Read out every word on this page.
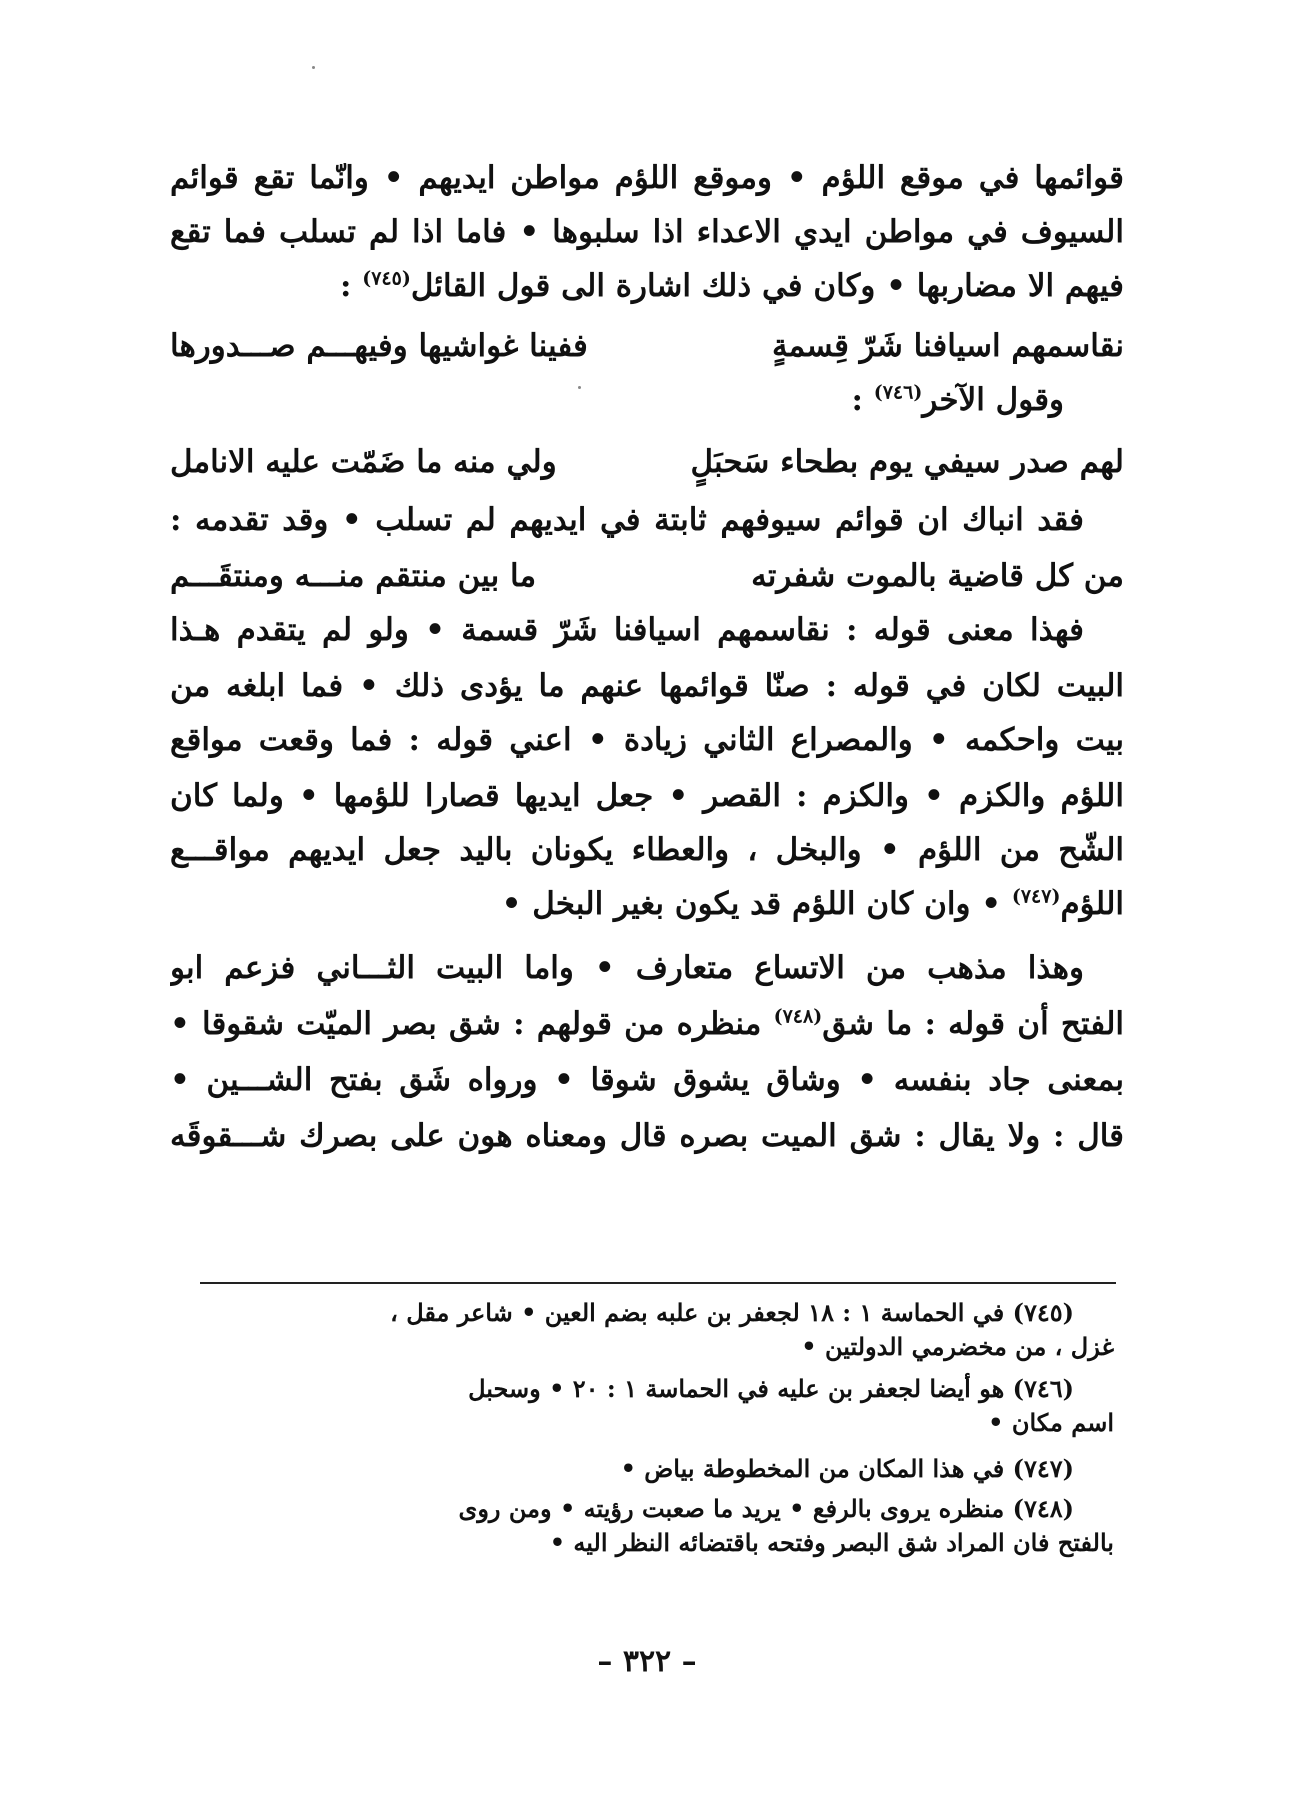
قوائمها في موقع اللؤم • وموقع اللؤم مواطن ايديهم • وانّما تقع قوائم
السيوف في مواطن ايدي الاعداء اذا سلبوها • فاما اذا لم تسلب فما تقع
فيهم الا مضاربها • وكان في ذلك اشارة الى قول القائل$^{(٧٤٥)}$ :
نقاسمهم اسيافنا شَرّ قِسمةٍ
ففينا غواشيها وفيهـــم صـــدورها
وقول الآخر$^{(٧٤٦)}$ :
لهم صدر سيفي يوم بطحاء سَحبَلٍ
ولي منه ما ضَمّت عليه الانامل
فقد انباك ان قوائم سيوفهم ثابتة في ايديهم لم تسلب • وقد تقدمه :
من كل قاضية بالموت شفرته
ما بين منتقم منـــه ومنتقَـــم
فهذا معنى قوله : نقاسمهم اسيافنا شَرّ قسمة • ولو لم يتقدم هـذا
البيت لكان في قوله : صنّا قوائمها عنهم ما يؤدى ذلك • فما ابلغه من
بيت واحكمه • والمصراع الثاني زيادة • اعني قوله : فما وقعت مواقع
اللؤم والكزم • والكزم : القصر • جعل ايديها قصارا للؤمها • ولما كان
الشّح من اللؤم • والبخل ، والعطاء يكونان باليد جعل ايديهم مواقـــع
اللؤم$^{(٧٤٧)}$ • وان كان اللؤم قد يكون بغير البخل •
وهذا مذهب من الاتساع متعارف • واما البيت الثـــاني فزعم ابو
الفتح أن قوله : ما شق$^{(٧٤٨)}$ منظره من قولهم : شق بصر الميّت شقوقا •
بمعنى جاد بنفسه • وشاق يشوق شوقا • ورواه شَق بفتح الشـــين •
قال : ولا يقال : شق الميت بصره قال ومعناه هون على بصرك شـــقوقَه
(٧٤٥) في الحماسة ١ : ١٨ لجعفر بن علبه بضم العين • شاعر مقل ،
غزل ، من مخضرمي الدولتين •
(٧٤٦) هو أيضا لجعفر بن عليه في الحماسة ١ : ٢٠ • وسحبل
اسم مكان •
(٧٤٧) في هذا المكان من المخطوطة بياض •
(٧٤٨) منظره يروى بالرفع • يريد ما صعبت رؤيته • ومن روى
بالفتح فان المراد شق البصر وفتحه باقتضائه النظر اليه •
– ٣٢٢ –
